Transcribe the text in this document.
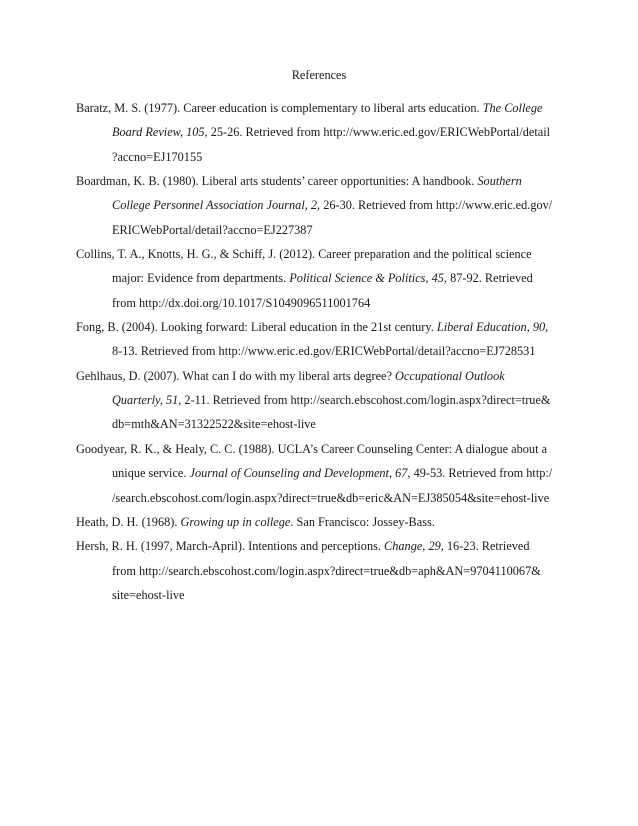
References

Baratz, M. S. (1977). Career education is complementary to liberal arts education. The College
Board Review, 105, 25-26. Retrieved from http://www.eric.ed.gov/ERICWebPortal/detail
?accno=EJ170155

Boardman, K. B. (1980). Liberal arts students’ career opportunities: A handbook. Southern
College Personnel Association Journal, 2, 26-30. Retrieved from http://www.eric.ed.gov/
ERICWebPortal/detail?accno=EJ227387

Collins, T. A., Knotts, H. G., & Schiff, J. (2012). Career preparation and the political science
major: Evidence from departments. Political Science & Politics, 45, 87-92. Retrieved
from http://dx.doi.org/10.1017/S1049096511001764

Fong, B. (2004). Looking forward: Liberal education in the 21st century. Liberal Education, 90,
8-13. Retrieved from http://www.eric.ed.gov/ERICWebPortal/detail?accno=EJ728531

Gehlhaus, D. (2007). What can I do with my liberal arts degree? Occupational Outlook
Quarterly, 51, 2-11. Retrieved from http://search.ebscohost.com/login.aspx?direct=true&
db=mth&AN=31322522&site=ehost-live

Goodyear, R. K., & Healy, C. C. (1988). UCLA’s Career Counseling Center: A dialogue about a
unique service. Journal of Counseling and Development, 67, 49-53. Retrieved from http:/
/search.ebscohost.com/login.aspx?direct=true&db=eric&AN=EJ385054&site=ehost-live

Heath, D. H. (1968). Growing up in college. San Francisco: Jossey-Bass.

Hersh, R. H. (1997, March-April). Intentions and perceptions. Change, 29, 16-23. Retrieved
from http://search.ebscohost.com/login.aspx?direct=true&db=aph&AN=9704110067&
site=ehost-live
